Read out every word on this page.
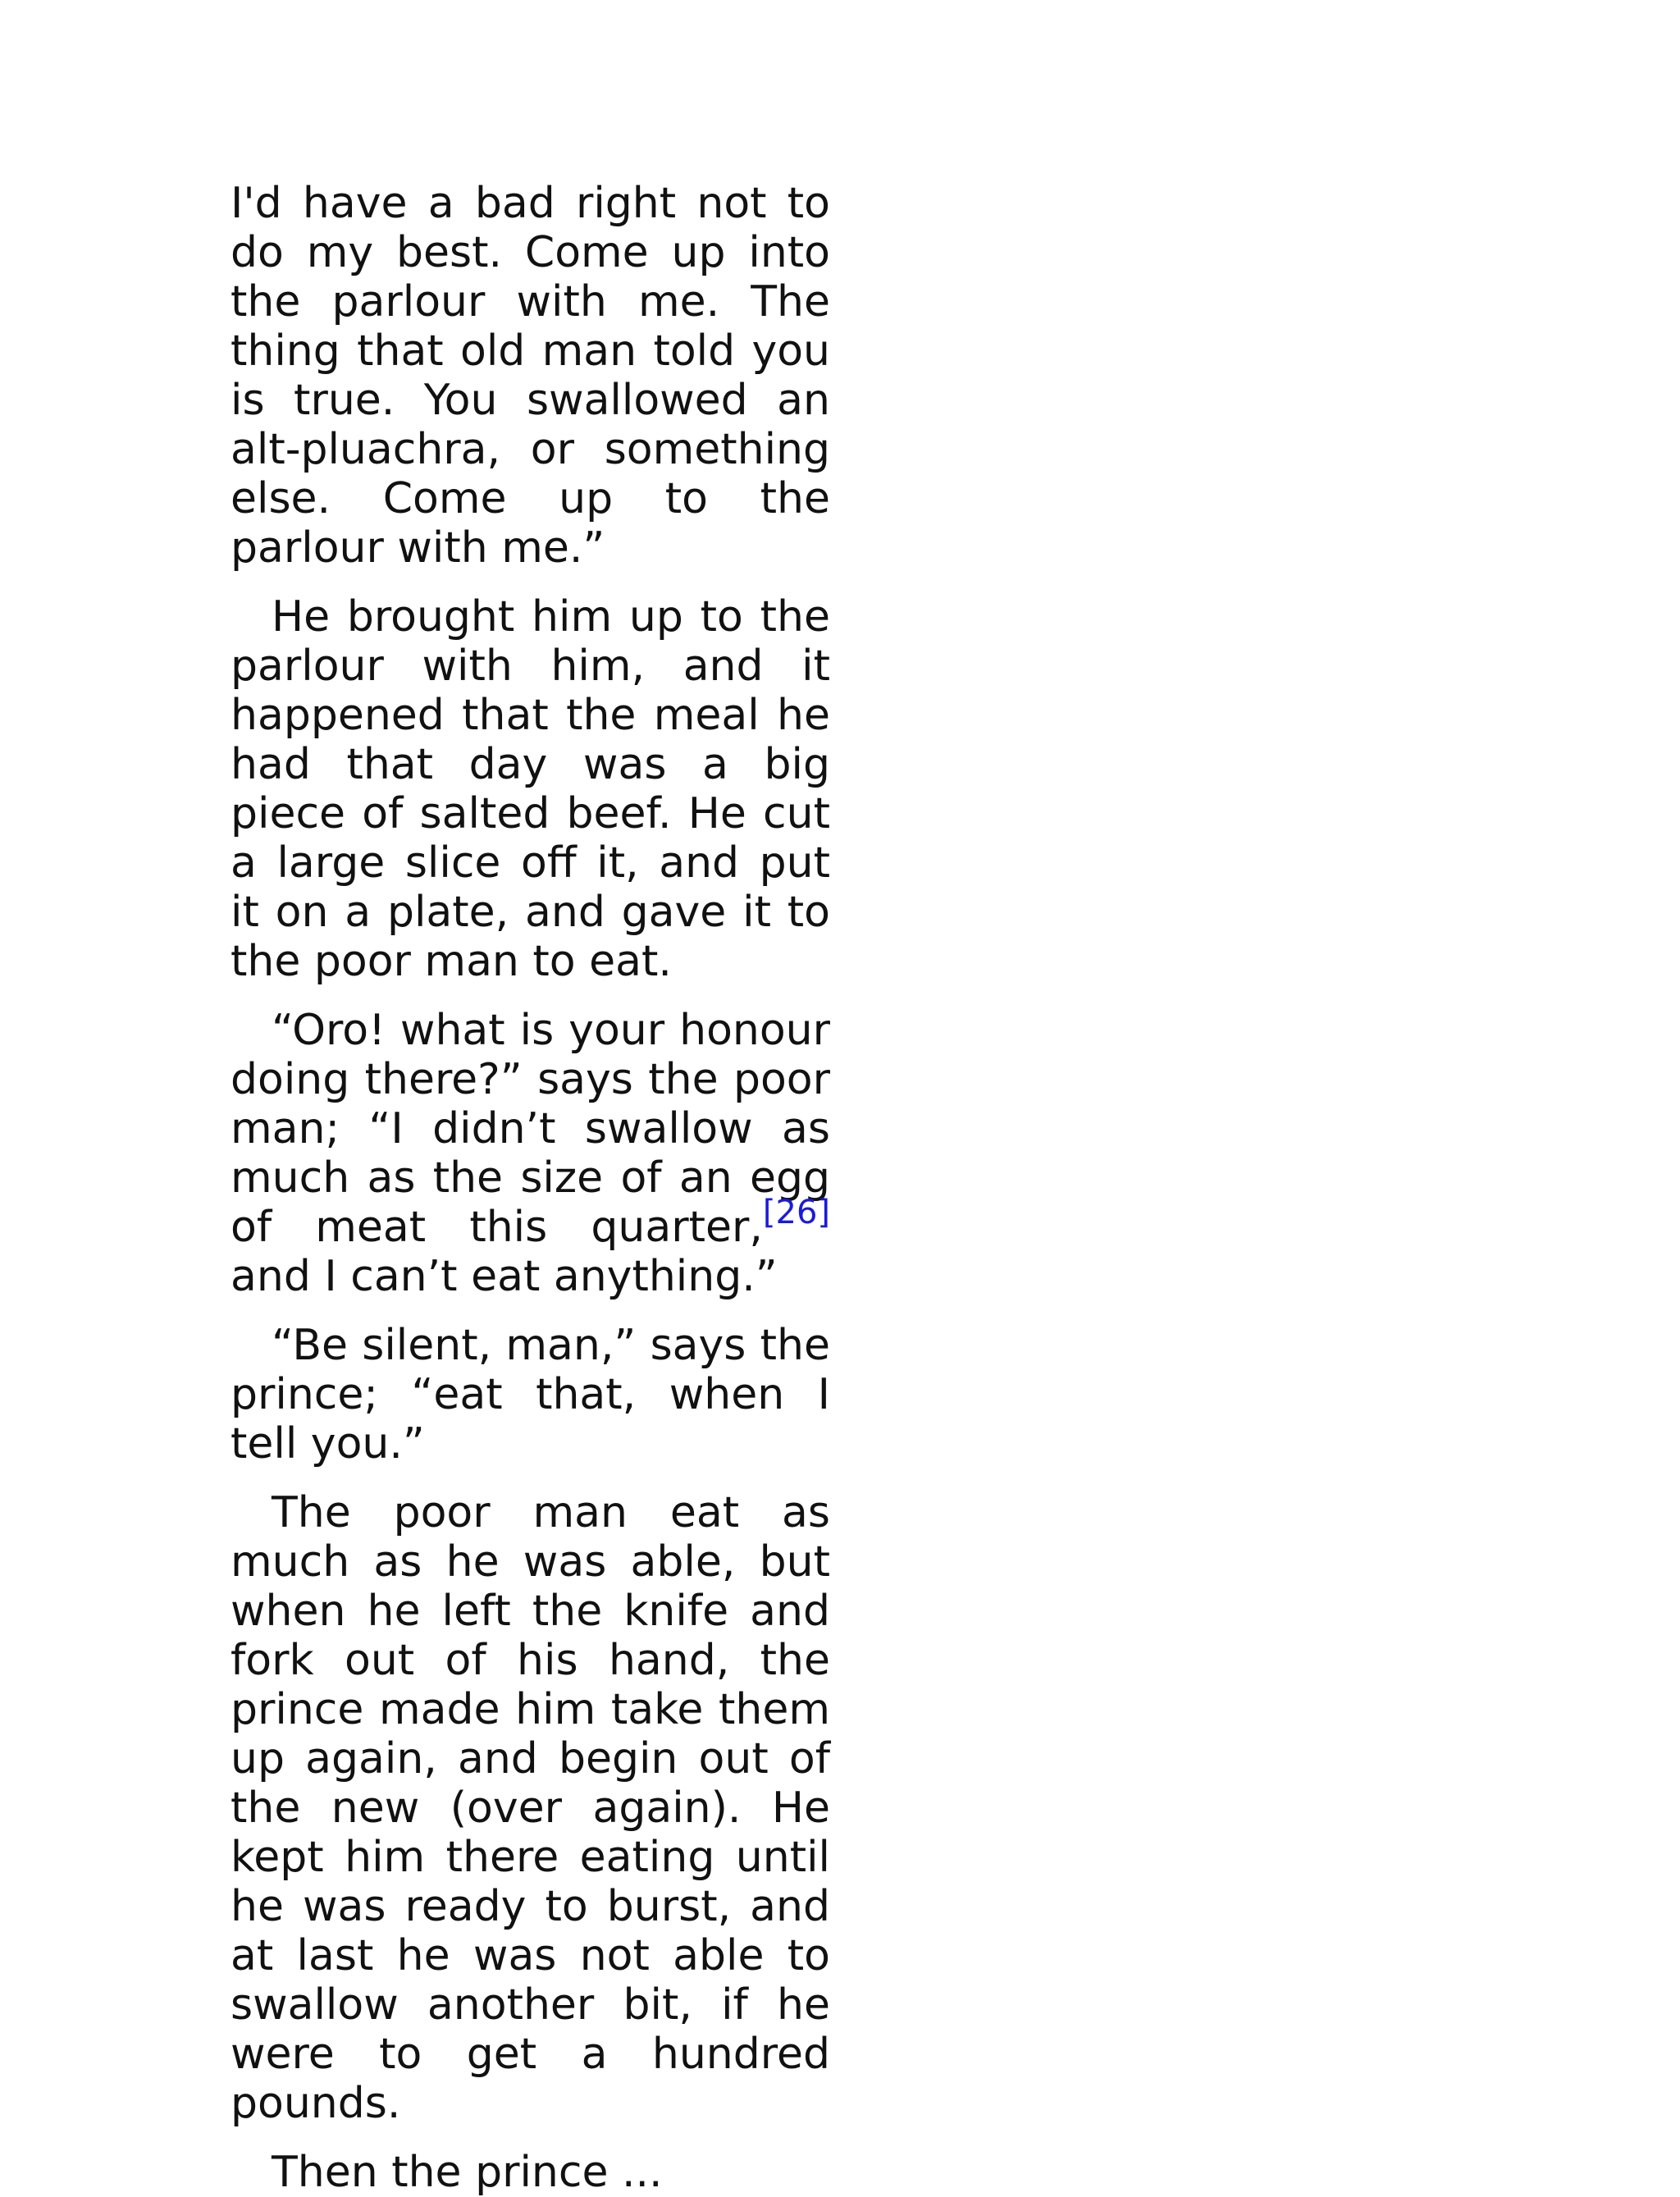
I'd have a bad right not to do my best. Come up into the parlour with me. The thing that old man told you is true. You swallowed an alt-pluachra, or something else. Come up to the parlour with me.”

He brought him up to the parlour with him, and it happened that the meal he had that day was a big piece of salted beef. He cut a large slice off it, and put it on a plate, and gave it to the poor man to eat.

“Oro! what is your honour doing there?” says the poor man; “I didn’t swallow as much as the size of an egg of meat this quarter,[26] and I can’t eat anything.”

“Be silent, man,” says the prince; “eat that, when I tell you.”

The poor man eat as much as he was able, but when he left the knife and fork out of his hand, the prince made him take them up again, and begin out of the new (over again). He kept him there eating until he was ready to burst, and at last he was not able to swallow another bit, if he were to get a hundred pounds.

Then the prince ...
